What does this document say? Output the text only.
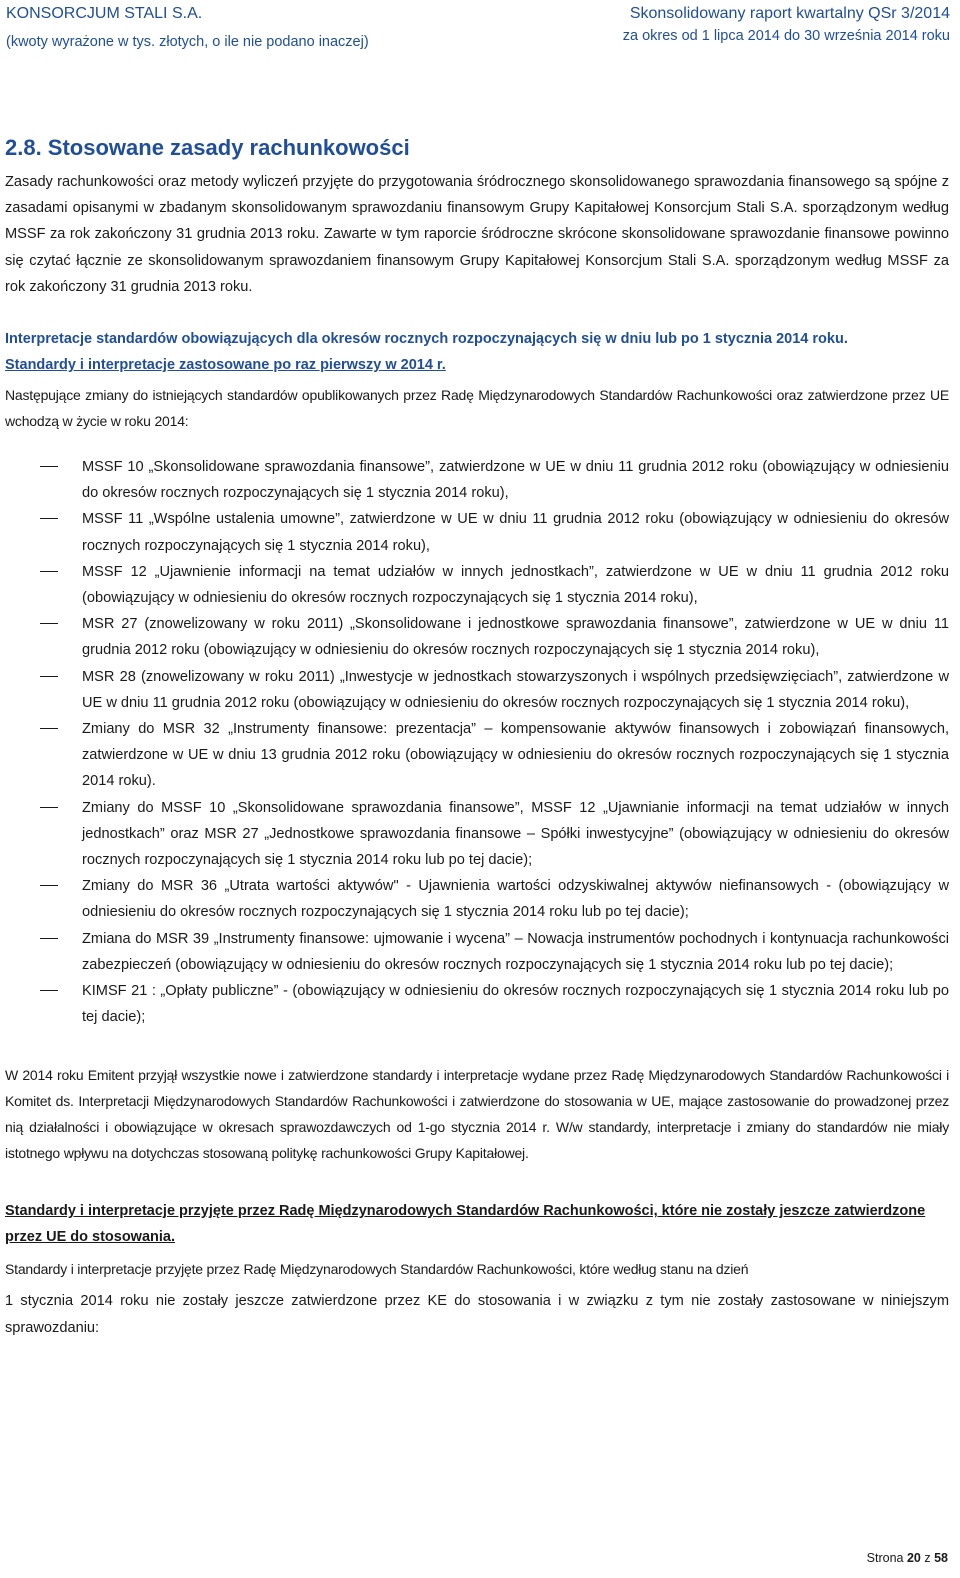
KONSORCJUM STALI S.A.
(kwoty wyrażone w tys. złotych, o ile nie podano inaczej)
Skonsolidowany raport kwartalny QSr 3/2014
za okres od 1 lipca 2014 do 30 września 2014 roku
2.8. Stosowane zasady rachunkowości

Zasady rachunkowości oraz metody wyliczeń przyjęte do przygotowania śródrocznego skonsolidowanego sprawozdania finansowego są spójne z zasadami opisanymi w zbadanym skonsolidowanym sprawozdaniu finansowym Grupy Kapitałowej Konsorcjum Stali S.A. sporządzonym według MSSF za rok zakończony 31 grudnia 2013 roku. Zawarte w tym raporcie śródroczne skrócone skonsolidowane sprawozdanie finansowe powinno się czytać łącznie ze skonsolidowanym sprawozdaniem finansowym Grupy Kapitałowej Konsorcjum Stali S.A. sporządzonym według MSSF za rok zakończony 31 grudnia 2013 roku.

Interpretacje standardów obowiązujących dla okresów rocznych rozpoczynających się w dniu lub po 1 stycznia 2014 roku.

Standardy i interpretacje zastosowane po raz pierwszy w 2014 r.

Następujące zmiany do istniejących standardów opublikowanych przez Radę Międzynarodowych Standardów Rachunkowości oraz zatwierdzone przez UE wchodzą w życie w roku 2014:

MSSF 10 „Skonsolidowane sprawozdania finansowe”, zatwierdzone w UE w dniu 11 grudnia 2012 roku (obowiązujący w odniesieniu do okresów rocznych rozpoczynających się 1 stycznia 2014 roku),
MSSF 11 „Wspólne ustalenia umowne”, zatwierdzone w UE w dniu 11 grudnia 2012 roku (obowiązujący w odniesieniu do okresów rocznych rozpoczynających się 1 stycznia 2014 roku),
MSSF 12 „Ujawnienie informacji na temat udziałów w innych jednostkach”, zatwierdzone w UE w dniu 11 grudnia 2012 roku (obowiązujący w odniesieniu do okresów rocznych rozpoczynających się 1 stycznia 2014 roku),
MSR 27 (znowelizowany w roku 2011) „Skonsolidowane i jednostkowe sprawozdania finansowe”, zatwierdzone w UE w dniu 11 grudnia 2012 roku (obowiązujący w odniesieniu do okresów rocznych rozpoczynających się 1 stycznia 2014 roku),
MSR 28 (znowelizowany w roku 2011) „Inwestycje w jednostkach stowarzyszonych i wspólnych przedsięwzięciach”, zatwierdzone w UE w dniu 11 grudnia 2012 roku (obowiązujący w odniesieniu do okresów rocznych rozpoczynających się 1 stycznia 2014 roku),
Zmiany do MSR 32 „Instrumenty finansowe: prezentacja” – kompensowanie aktywów finansowych i zobowiązań finansowych, zatwierdzone w UE w dniu 13 grudnia 2012 roku (obowiązujący w odniesieniu do okresów rocznych rozpoczynających się 1 stycznia 2014 roku).
Zmiany do MSSF 10 „Skonsolidowane sprawozdania finansowe”, MSSF 12 „Ujawnianie informacji na temat udziałów w innych jednostkach” oraz MSR 27 „Jednostkowe sprawozdania finansowe – Spółki inwestycyjne” (obowiązujący w odniesieniu do okresów rocznych rozpoczynających się 1 stycznia 2014 roku lub po tej dacie);
Zmiany do MSR 36 „Utrata wartości aktywów" - Ujawnienia wartości odzyskiwalnej aktywów niefinansowych - (obowiązujący w odniesieniu do okresów rocznych rozpoczynających się 1 stycznia 2014 roku lub po tej dacie);
Zmiana do MSR 39 „Instrumenty finansowe: ujmowanie i wycena” – Nowacja instrumentów pochodnych i kontynuacja rachunkowości zabezpieczeń (obowiązujący w odniesieniu do okresów rocznych rozpoczynających się 1 stycznia 2014 roku lub po tej dacie);
KIMSF 21 : „Opłaty publiczne” - (obowiązujący w odniesieniu do okresów rocznych rozpoczynających się 1 stycznia 2014 roku lub po tej dacie);

W 2014 roku Emitent przyjął wszystkie nowe i zatwierdzone standardy i interpretacje wydane przez Radę Międzynarodowych Standardów Rachunkowości i Komitet ds. Interpretacji Międzynarodowych Standardów Rachunkowości i zatwierdzone do stosowania w UE, mające zastosowanie do prowadzonej przez nią działalności i obowiązujące w okresach sprawozdawczych od 1-go stycznia 2014 r. W/w standardy, interpretacje i zmiany do standardów nie miały istotnego wpływu na dotychczas stosowaną politykę rachunkowości Grupy Kapitałowej.

Standardy i interpretacje przyjęte przez Radę Międzynarodowych Standardów Rachunkowości, które nie zostały jeszcze zatwierdzone przez UE do stosowania.

Standardy i interpretacje przyjęte przez Radę Międzynarodowych Standardów Rachunkowości, które według stanu na dzień

1 stycznia 2014 roku nie zostały jeszcze zatwierdzone przez KE do stosowania i w związku z tym nie zostały zastosowane w niniejszym sprawozdaniu:

Strona 20 z 58
